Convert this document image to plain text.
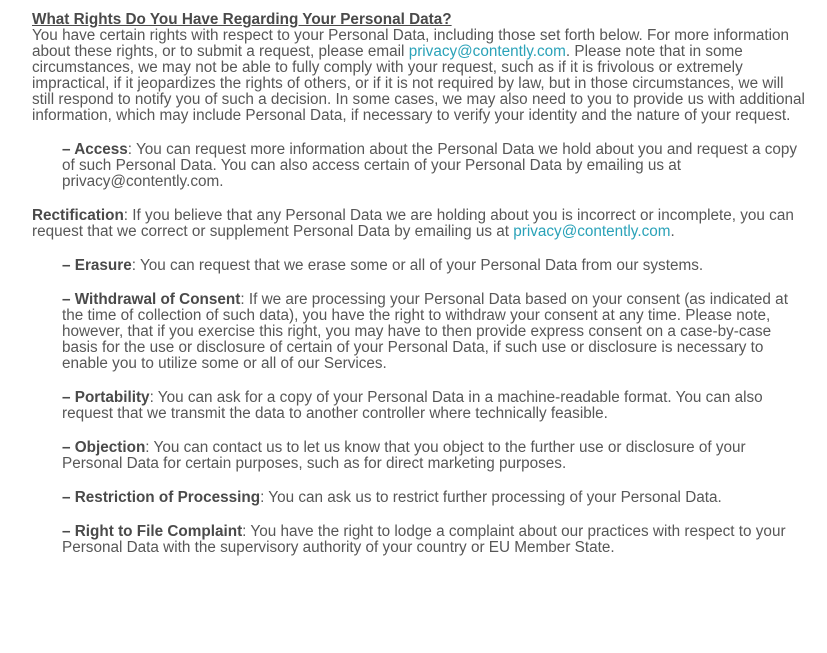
What Rights Do You Have Regarding Your Personal Data?

You have certain rights with respect to your Personal Data, including those set forth below. For more information about these rights, or to submit a request, please email privacy@contently.com. Please note that in some circumstances, we may not be able to fully comply with your request, such as if it is frivolous or extremely impractical, if it jeopardizes the rights of others, or if it is not required by law, but in those circumstances, we will still respond to notify you of such a decision. In some cases, we may also need to you to provide us with additional information, which may include Personal Data, if necessary to verify your identity and the nature of your request.

– Access: You can request more information about the Personal Data we hold about you and request a copy of such Personal Data. You can also access certain of your Personal Data by emailing us at privacy@contently.com.

Rectification: If you believe that any Personal Data we are holding about you is incorrect or incomplete, you can request that we correct or supplement Personal Data by emailing us at privacy@contently.com.

– Erasure: You can request that we erase some or all of your Personal Data from our systems.

– Withdrawal of Consent: If we are processing your Personal Data based on your consent (as indicated at the time of collection of such data), you have the right to withdraw your consent at any time. Please note, however, that if you exercise this right, you may have to then provide express consent on a case-by-case basis for the use or disclosure of certain of your Personal Data, if such use or disclosure is necessary to enable you to utilize some or all of our Services.

– Portability: You can ask for a copy of your Personal Data in a machine-readable format. You can also request that we transmit the data to another controller where technically feasible.

– Objection: You can contact us to let us know that you object to the further use or disclosure of your Personal Data for certain purposes, such as for direct marketing purposes.

– Restriction of Processing: You can ask us to restrict further processing of your Personal Data.

– Right to File Complaint: You have the right to lodge a complaint about our practices with respect to your Personal Data with the supervisory authority of your country or EU Member State.
